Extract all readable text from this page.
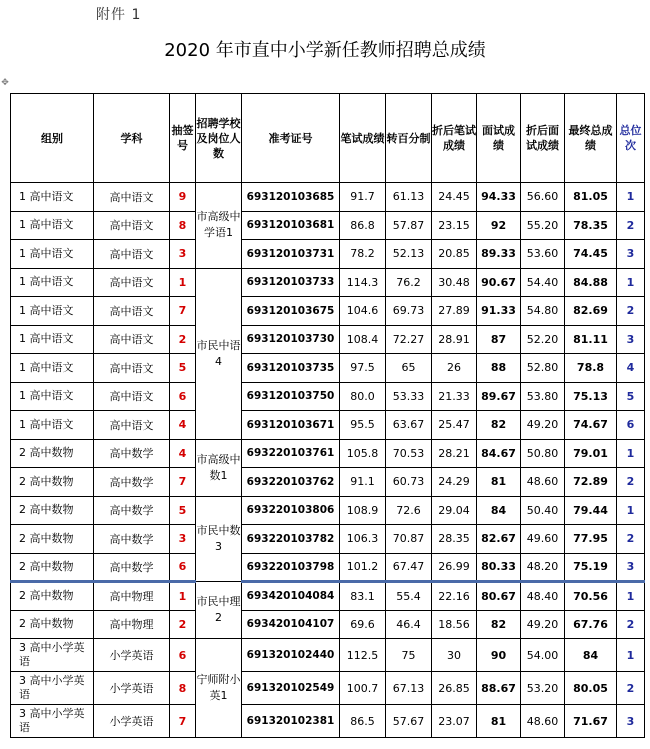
附件 1
2020 年市直中小学新任教师招聘总成绩
✥
组别	学科	抽签号	招聘学校及岗位人数	准考证号	笔试成绩	转百分制	折后笔试成绩	面试成绩	折后面试成绩	最终总成绩	总位次
1 高中语文	高中语文	9	市高级中学语1	693120103685	91.7	61.13	24.45	94.33	56.60	81.05	1
1 高中语文	高中语文	8		693120103681	86.8	57.87	23.15	92	55.20	78.35	2
1 高中语文	高中语文	3		693120103731	78.2	52.13	20.85	89.33	53.60	74.45	3
1 高中语文	高中语文	1	市民中语4	693120103733	114.3	76.2	30.48	90.67	54.40	84.88	1
1 高中语文	高中语文	7		693120103675	104.6	69.73	27.89	91.33	54.80	82.69	2
1 高中语文	高中语文	2		693120103730	108.4	72.27	28.91	87	52.20	81.11	3
1 高中语文	高中语文	5		693120103735	97.5	65	26	88	52.80	78.8	4
1 高中语文	高中语文	6		693120103750	80.0	53.33	21.33	89.67	53.80	75.13	5
1 高中语文	高中语文	4		693120103671	95.5	63.67	25.47	82	49.20	74.67	6
2 高中数物	高中数学	4	市高级中数1	693220103761	105.8	70.53	28.21	84.67	50.80	79.01	1
2 高中数物	高中数学	7		693220103762	91.1	60.73	24.29	81	48.60	72.89	2
2 高中数物	高中数学	5	市民中数3	693220103806	108.9	72.6	29.04	84	50.40	79.44	1
2 高中数物	高中数学	3		693220103782	106.3	70.87	28.35	82.67	49.60	77.95	2
2 高中数物	高中数学	6		693220103798	101.2	67.47	26.99	80.33	48.20	75.19	3
2 高中数物	高中物理	1	市民中理2	693420104084	83.1	55.4	22.16	80.67	48.40	70.56	1
2 高中数物	高中物理	2		693420104107	69.6	46.4	18.56	82	49.20	67.76	2
3 高中小学英语	小学英语	6	宁师附小英1	691320102440	112.5	75	30	90	54.00	84	1
3 高中小学英语	小学英语	8		691320102549	100.7	67.13	26.85	88.67	53.20	80.05	2
3 高中小学英语	小学英语	7		691320102381	86.5	57.67	23.07	81	48.60	71.67	3
